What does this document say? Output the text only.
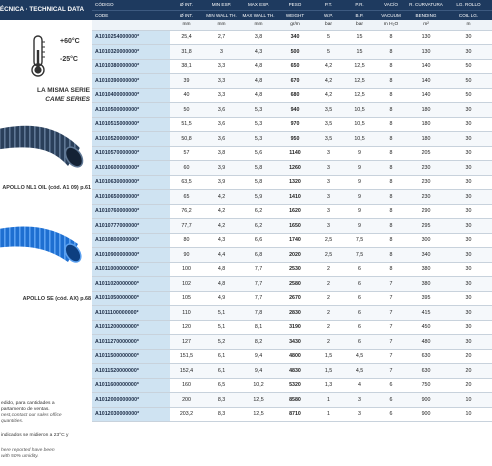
ÉCNICA · TECHNICAL DATA
+60°C
-25°C
LA MISMA SERIE
CAME SERIES
APOLLO NL1 OIL (cód. A1 09) p.61
APOLLO SE (cód. AX) p.68
edido, para cantidades a
partamento de ventas.
nest,contact our sales office
quantities.
indicados se midieron a 23°C y
here reported have been
with 50% umidity.
CÓDIGO	Ø INT.	MIN ESP.	MAX ESP.	PESO	P.T.	P.R.	VACÍO	R. CURVATURA	LG. ROLLO
CODE	Ø INT.	MIN WALL TH.	MAX WALL TH.	WEIGHT	W.P.	B.P.	VACUUM	BENDING	COIL LG.
	mm	mm	mm	gr/m	bar	bar	m H₂O	m²	m
A1010254000000*	25,4	2,7	3,8	340	5	15	8	130	30
A1010320000000*	31,8	3	4,3	500	5	15	8	130	30
A1010380000000*	38,1	3,3	4,8	650	4,2	12,5	8	140	50
A1010390000000*	39	3,3	4,8	670	4,2	12,5	8	140	50
A1010400000000*	40	3,3	4,8	680	4,2	12,5	8	140	50
A1010500000000*	50	3,6	5,3	940	3,5	10,5	8	180	30
A1010515000000*	51,5	3,6	5,3	970	3,5	10,5	8	180	30
A1010520000000*	50,8	3,6	5,3	950	3,5	10,5	8	180	30
A1010570000000*	57	3,8	5,6	1140	3	9	8	205	30
A1010600000000*	60	3,9	5,8	1260	3	9	8	230	30
A1010630000000*	63,5	3,9	5,8	1320	3	9	8	230	30
A1010650000000*	65	4,2	5,9	1410	3	9	8	230	30
A1010760000000*	76,2	4,2	6,2	1620	3	9	8	290	30
A1010777000000*	77,7	4,2	6,2	1650	3	9	8	295	30
A1010800000000*	80	4,3	6,6	1740	2,5	7,5	8	300	30
A1010900000000*	90	4,4	6,8	2020	2,5	7,5	8	340	30
A1011000000000*	100	4,8	7,7	2530	2	6	8	380	30
A1011020000000*	102	4,8	7,7	2580	2	6	7	380	30
A1011050000000*	105	4,9	7,7	2670	2	6	7	395	30
A1011100000000*	110	5,1	7,8	2830	2	6	7	415	30
A1011200000000*	120	5,1	8,1	3190	2	6	7	450	30
A1011270000000*	127	5,2	8,2	3430	2	6	7	480	30
A1011500000000*	151,5	6,1	9,4	4800	1,5	4,5	7	630	20
A1011520000000*	152,4	6,1	9,4	4830	1,5	4,5	7	630	20
A1011600000000*	160	6,5	10,2	5320	1,3	4	6	750	20
A1012000000000*	200	8,3	12,5	8580	1	3	6	900	10
A1012030000000*	203,2	8,3	12,5	8710	1	3	6	900	10
